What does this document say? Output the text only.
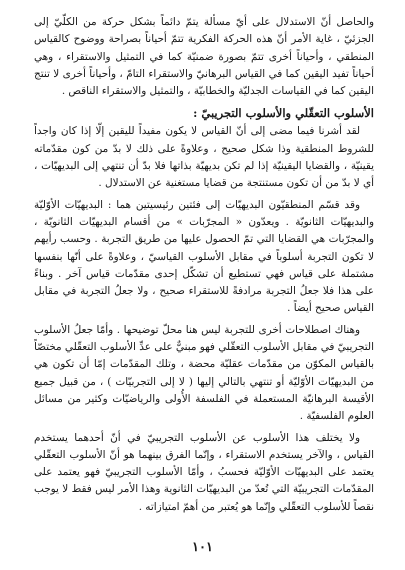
والحاصل أنّ الاستدلال على أيّ مسألة يتمّ دائماً بشكل حركة من الكلّيّ إلى الجزئيّ ، غاية الأمر أنّ هذه الحركة الفكرية تتمّ أحياناً بصراحة ووضوح كالقياس المنطقي ، وأحياناً أخرى تتمّ بصورة ضمنيّة كما في التمثيل والاستقراء ، وهي أحياناً تفيد اليقين كما في القياس البرهانيّ والاستقراء التامّ ، وأحياناً أخرى لا تنتج اليقين كما في القياسات الجدليّة والخطابيّة ، والتمثيل والاستقراء الناقص .

الأسلوب التعقّلي والأسلوب التجريبيّ :

لقد أشرنا فيما مضى إلى أنّ القياس لا يكون مفيداً لليقين إلّا إذا كان واجداً للشروط المنطقية وذا شكل صحيح ، وعلاوةً على ذلك لا بدّ من كون مقدّماته يقينيّة ، والقضايا اليقينيّة إذا لم تكن بديهيّة بذاتها فلا بدّ أن تنتهي إلى البديهيّات ، أي لا بدّ من أن تكون مستنتجة من قضايا مستغنية عن الاستدلال .

وقد قسّم المنطقيّون البديهيّات إلى فئتين رئيسيتين هما : البديهيّات الأوّليّة والبديهيّات الثانويّة . ويعدّون « المجرّبات » من أقسام البديهيّات الثانويّة ، والمجرّبات هي القضايا التي تمّ الحصول عليها من طريق التجربة . وحسب رأيهم لا تكون التجربة أسلوباً في مقابل الأسلوب القياسيّ ، وعلاوةً على أنّها بنفسها مشتملة على قياس فهي تستطيع أن تشكّل إحدى مقدّمات قياس آخر . وبناءً على هذا فلا جعلُ التجربة مرادفةً للاستقراء صحيح ، ولا جعلُ التجربة في مقابل القياس صحيح أيضاً .

وهناك اصطلاحات أخرى للتجربة ليس هنا محلّ توضيحها . وأمّا جعلُ الأسلوب التجريبيّ في مقابل الأسلوب التعقّلي فهو مبنيٌّ على عدِّ الأسلوب التعقّلي مختصّاً بالقياس المكوّن من مقدّمات عقليّة محضة ، وتلك المقدّمات إمّا أن تكون هي من البديهيّات الأوّليّة أو تنتهي بالتالي إليها ( لا إلى التجربيّات ) ، من قبيل جميع الأقيسة البرهانيّة المستعملة في الفلسفة الأُولى والرياضيّات وكثير من مسائل العلوم الفلسفيّة .

ولا يختلف هذا الأسلوب عن الأسلوب التجريبيّ في أنّ أحدهما يستخدم القياس ، والآخر يستخدم الاستقراء ، وإنّما الفرق بينهما هو أنّ الأسلوب التعقّلي يعتمد على البديهيّات الأوّليّة فحسبُ ، وأمّا الأسلوب التجريبيّ فهو يعتمد على المقدّمات التجريبيّة التي تُعدّ من البديهيّات الثانوية وهذا الأمر ليس فقط لا يوجب نقصاً للأسلوب التعقّلي وإنّما هو يُعتبر من أهمّ امتيازاته .

١٠١
